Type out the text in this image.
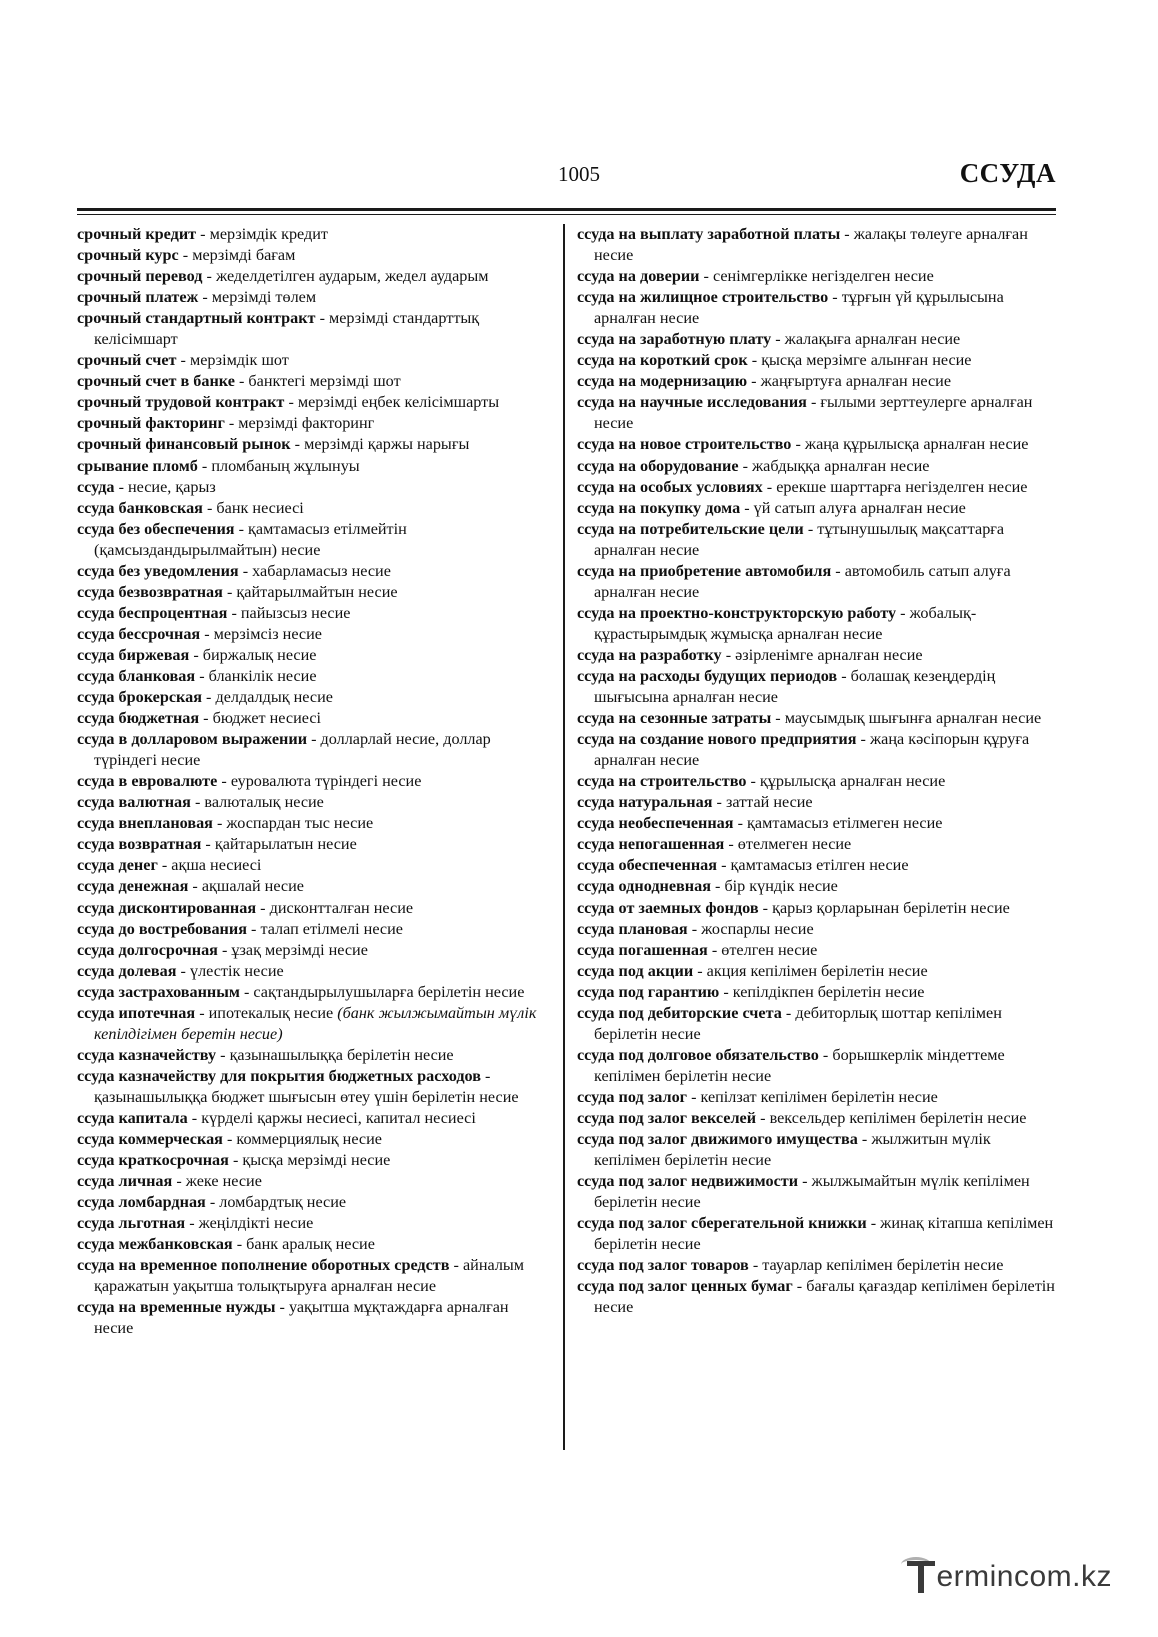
1005	ССУДА

срочный кредит - мерзімдік кредит

срочный курс - мерзімді бағам

срочный перевод - жеделдетілген аударым, жедел аударым

срочный платеж - мерзімді төлем

срочный стандартный контракт - мерзімді стандарттық келісімшарт

срочный счет - мерзімдік шот

срочный счет в банке - банктегі мерзімді шот

срочный трудовой контракт - мерзімді еңбек келісімшарты

срочный факторинг - мерзімді факторинг

срочный финансовый рынок - мерзімді қаржы нарығы

срывание пломб - пломбаның жұлынуы

ссуда - несие, қарыз

ссуда банковская - банк несиесі

ссуда без обеспечения - қамтамасыз етілмейтін (қамсыздандырылмайтын) несие

ссуда без уведомления - хабарламасыз несие

ссуда безвозвратная - қайтарылмайтын несие

ссуда беспроцентная - пайызсыз несие

ссуда бессрочная - мерзімсіз несие

ссуда биржевая - биржалық несие

ссуда бланковая - бланкілік несие

ссуда брокерская - делдалдық несие

ссуда бюджетная - бюджет несиесі

ссуда в долларовом выражении - долларлай несие, доллар түріндегі несие

ссуда в евровалюте - еуровалюта түріндегі несие

ссуда валютная - валюталық несие

ссуда внеплановая - жоспардан тыс несие

ссуда возвратная - қайтарылатын несие

ссуда денег - ақша несиесі

ссуда денежная - ақшалай несие

ссуда дисконтированная - дисконтталған несие

ссуда до востребования - талап етілмелі несие

ссуда долгосрочная - ұзақ мерзімді несие

ссуда долевая - үлестік несие

ссуда застрахованным - сақтандырылушыларға берілетін несие

ссуда ипотечная - ипотекалық несие (банк жылжымайтын мүлік кепілдігімен беретін несие)

ссуда казначейству - қазынашылыққа берілетін несие

ссуда казначейству для покрытия бюджетных расходов - қазынашылыққа бюджет шығысын өтеу үшін берілетін несие

ссуда капитала - күрделі қаржы несиесі, капитал несиесі

ссуда коммерческая - коммерциялық несие

ссуда краткосрочная - қысқа мерзімді несие

ссуда личная - жеке несие

ссуда ломбардная - ломбардтық несие

ссуда льготная - жеңілдікті несие

ссуда межбанковская - банк аралық несие

ссуда на временное пополнение оборотных средств - айналым қаражатын уақытша толықтыруға арналған несие

ссуда на временные нужды - уақытша мұқтаждарға арналған несие

ссуда на выплату заработной платы - жалақы төлеуге арналған несие

ссуда на доверии - сенімгерлікке негізделген несие

ссуда на жилищное строительство - тұрғын үй құрылысына арналған несие

ссуда на заработную плату - жалақыға арналған несие

ссуда на короткий срок - қысқа мерзімге алынған несие

ссуда на модернизацию - жаңғыртуға арналған несие

ссуда на научные исследования - ғылыми зерттеулерге арналған несие

ссуда на новое строительство - жаңа құрылысқа арналған несие

ссуда на оборудование - жабдыққа арналған несие

ссуда на особых условиях - ерекше шарттарға негізделген несие

ссуда на покупку дома - үй сатып алуға арналған несие

ссуда на потребительские цели - тұтынушылық мақсаттарға арналған несие

ссуда на приобретение автомобиля - автомобиль сатып алуға арналған несие

ссуда на проектно-конструкторскую работу - жобалық-құрастырымдық жұмысқа арналған несие

ссуда на разработку - әзірленімге арналған несие

ссуда на расходы будущих периодов - болашақ кезеңдердің шығысына арналған несие

ссуда на сезонные затраты - маусымдық шығынға арналған несие

ссуда на создание нового предприятия - жаңа кәсіпорын құруға арналған несие

ссуда на строительство - құрылысқа арналған несие

ссуда натуральная - заттай несие

ссуда необеспеченная - қамтамасыз етілмеген несие

ссуда непогашенная - өтелмеген несие

ссуда обеспеченная - қамтамасыз етілген несие

ссуда однодневная - бір күндік несие

ссуда от заемных фондов - қарыз қорларынан берілетін несие

ссуда плановая - жоспарлы несие

ссуда погашенная - өтелген несие

ссуда под акции - акция кепілімен берілетін несие

ссуда под гарантию - кепілдікпен берілетін несие

ссуда под дебиторские счета - дебиторлық шоттар кепілімен берілетін несие

ссуда под долговое обязательство - борышкерлік міндеттеме кепілімен берілетін несие

ссуда под залог - кепілзат кепілімен берілетін несие

ссуда под залог векселей - вексельдер кепілімен берілетін несие

ссуда под залог движимого имущества - жылжитын мүлік кепілімен берілетін несие

ссуда под залог недвижимости - жылжымайтын мүлік кепілімен берілетін несие

ссуда под залог сберегательной книжки - жинақ кітапша кепілімен берілетін несие

ссуда под залог товаров - тауарлар кепілімен берілетін несие

ссуда под залог ценных бумаг - бағалы қағаздар кепілімен берілетін несие

ermincom.kz
